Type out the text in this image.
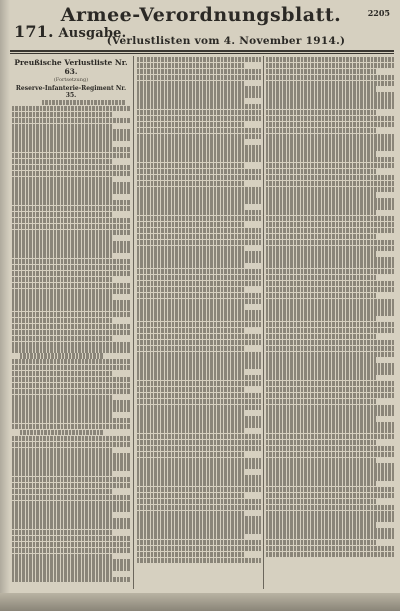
171. Ausgabe.
Armee-Verordnungsblatt.
(Verlustlisten vom 4. November 1914.)
2205
Preußische Verlustliste Nr. 63.
(Fortsetzung)
Reserve-Infanterie-Regiment Nr. 35.
